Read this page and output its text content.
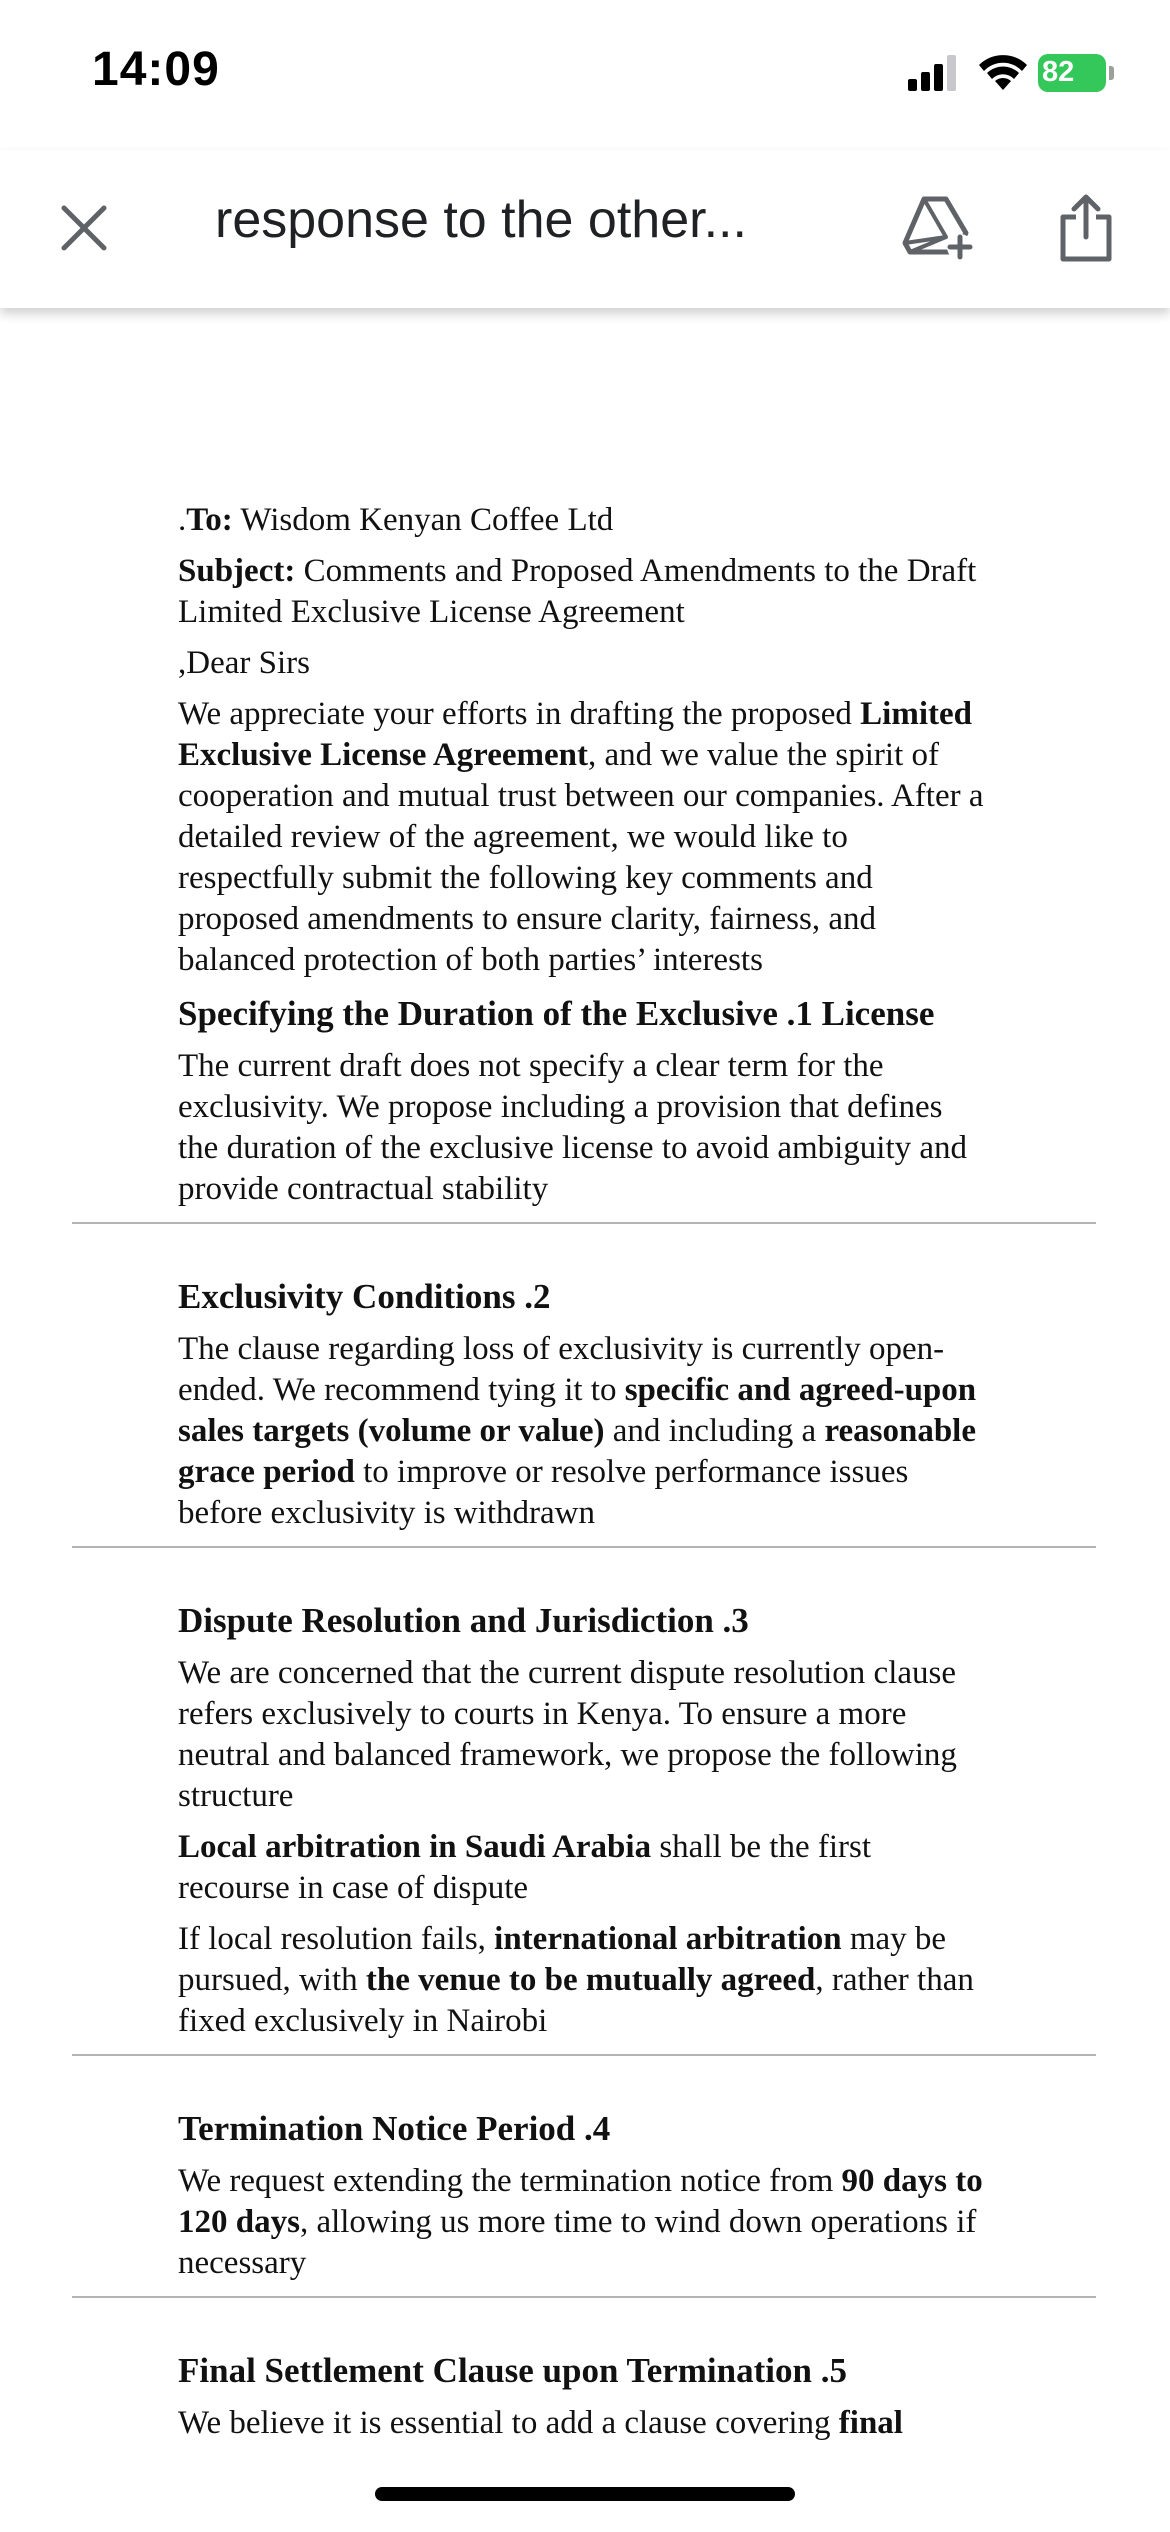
14:09	82
response to the other...

.To: Wisdom Kenyan Coffee Ltd

Subject: Comments and Proposed Amendments to the Draft Limited Exclusive License Agreement

,Dear Sirs

We appreciate your efforts in drafting the proposed Limited Exclusive License Agreement, and we value the spirit of cooperation and mutual trust between our companies. After a detailed review of the agreement, we would like to respectfully submit the following key comments and proposed amendments to ensure clarity, fairness, and balanced protection of both parties’ interests

Specifying the Duration of the Exclusive .1 License

The current draft does not specify a clear term for the exclusivity. We propose including a provision that defines the duration of the exclusive license to avoid ambiguity and provide contractual stability

Exclusivity Conditions .2

The clause regarding loss of exclusivity is currently open-ended. We recommend tying it to specific and agreed-upon sales targets (volume or value) and including a reasonable grace period to improve or resolve performance issues before exclusivity is withdrawn

Dispute Resolution and Jurisdiction .3

We are concerned that the current dispute resolution clause refers exclusively to courts in Kenya. To ensure a more neutral and balanced framework, we propose the following structure

Local arbitration in Saudi Arabia shall be the first recourse in case of dispute

If local resolution fails, international arbitration may be pursued, with the venue to be mutually agreed, rather than fixed exclusively in Nairobi

Termination Notice Period .4

We request extending the termination notice from 90 days to 120 days, allowing us more time to wind down operations if necessary

Final Settlement Clause upon Termination .5

We believe it is essential to add a clause covering final
